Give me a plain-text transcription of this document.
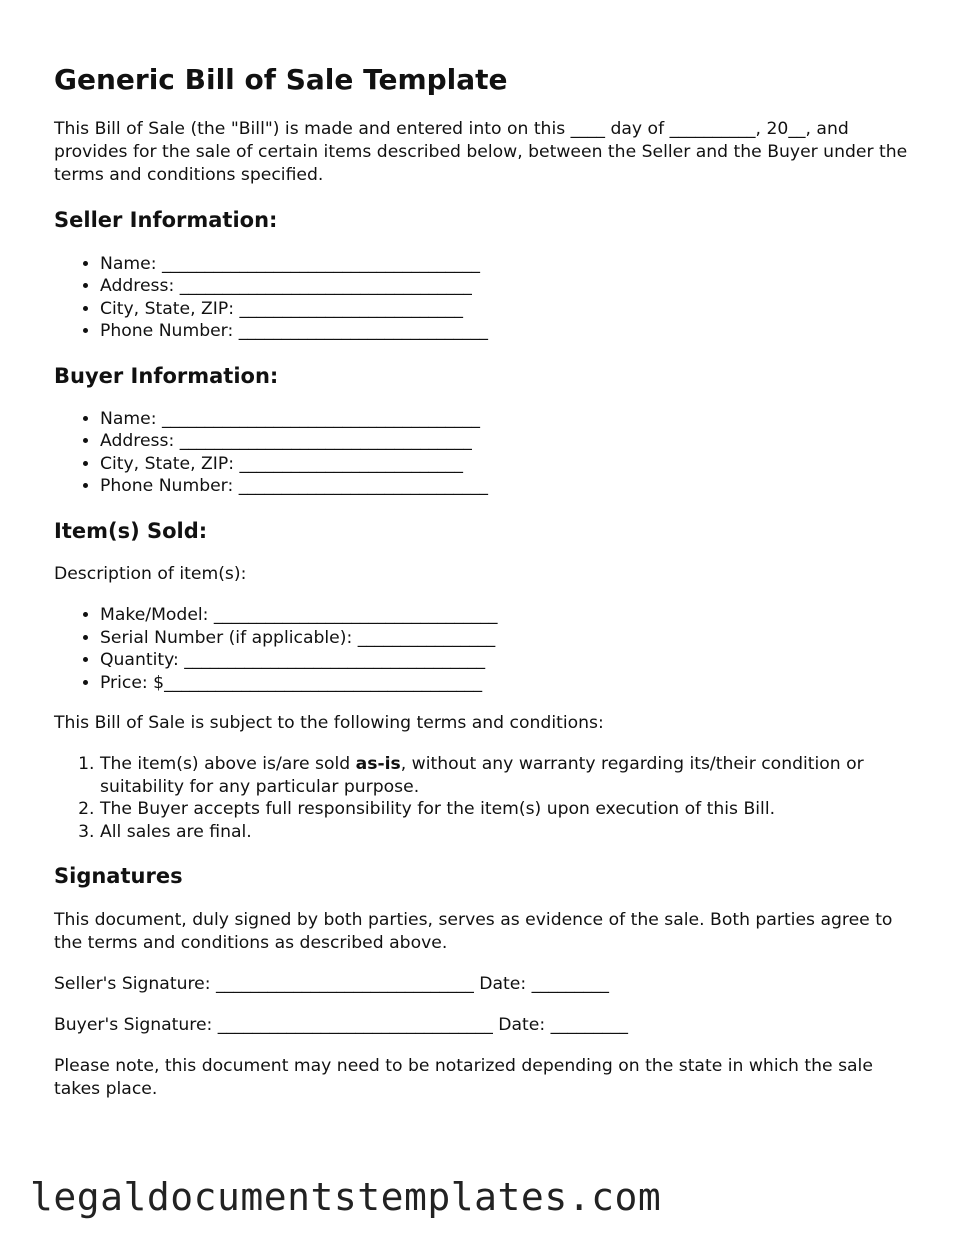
Generic Bill of Sale Template

This Bill of Sale (the "Bill") is made and entered into on this ____ day of __________, 20__, and provides for the sale of certain items described below, between the Seller and the Buyer under the terms and conditions specified.

Seller Information:
• Name: _____________________________________
• Address: __________________________________
• City, State, ZIP: __________________________
• Phone Number: _____________________________
Buyer Information:
• Name: _____________________________________
• Address: __________________________________
• City, State, ZIP: __________________________
• Phone Number: _____________________________
Item(s) Sold:

Description of item(s):

• Make/Model: _________________________________
• Serial Number (if applicable): ________________
• Quantity: ___________________________________
• Price: $_____________________________________

This Bill of Sale is subject to the following terms and conditions:

1. The item(s) above is/are sold as-is, without any warranty regarding its/their condition or suitability for any particular purpose.
2. The Buyer accepts full responsibility for the item(s) upon execution of this Bill.
3. All sales are final.
Signatures

This document, duly signed by both parties, serves as evidence of the sale. Both parties agree to the terms and conditions as described above.

Seller's Signature: ______________________________ Date: _________

Buyer's Signature: ________________________________ Date: _________

Please note, this document may need to be notarized depending on the state in which the sale takes place.

legaldocumentstemplates.com
